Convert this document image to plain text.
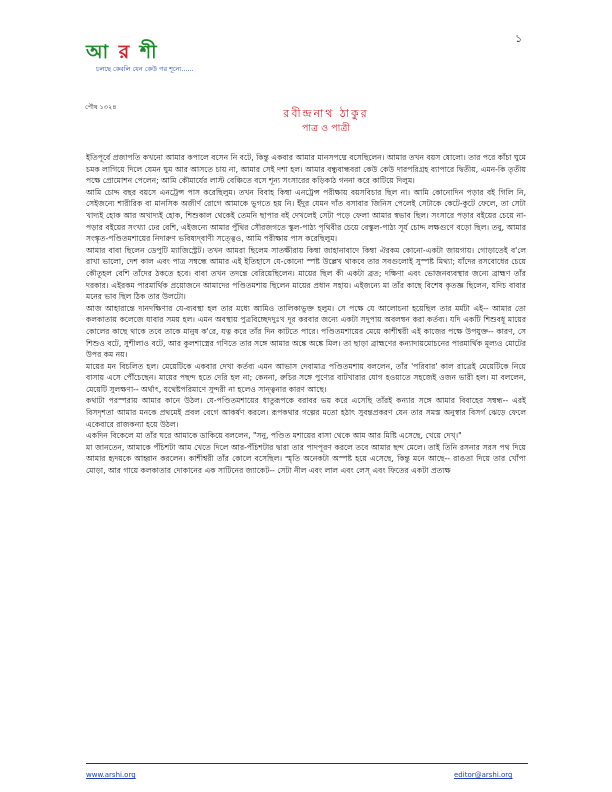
আ র শী
চলছে কেবলি যেন কেউ গর শূন্যে......
১
পৌষ ১৩২৪	রবীন্দ্রনাথ ঠাকুর
পাত্র ও পাত্রী

ইতিপূর্বে প্রজাপতি কখনো আমার কপালে বসেন নি বটে, কিন্তু একবার আমার মানসপদ্মে বসেছিলেন। আমার তখন বয়স ষোলো। তার পরে কাঁচা ঘুমে চমক লাগিয়ে দিলে যেমন ঘুম আর আসতে চায় না, আমার সেই দশা হল। আমার বন্ধুবান্ধবরা কেউ কেউ দারপরিগ্রহ ব্যাপারে দ্বিতীয়, এমন-কি তৃতীয় পক্ষে প্রোমোশন পেলেন; আমি কৌমার্যের লাস্ট বেঞ্চিতে বসে শূন্য সংসারের কড়িকাঠ গননা করে কাটিয়ে দিলুম।

আমি চোদ্দ বছর বয়সে এনট্রেন্স পাস করেছিলুম। তখন বিবাহ কিম্বা এনট্রেন্স পরীক্ষায় বয়সবিচার ছিল না। আমি কোনোদিন পড়ার বই গিলি নি, সেইজন্যে শারীরিক বা মানসিক অজীর্ণ রোগে আমাকে ভুগতে হয় নি। ইঁদুর যেমন দাঁত বসাবার জিনিস পেলেই সেটাকে কেটে-কুটে ফেলে, তা সেটা খাদ্যই হোক আর অখাদ্যই হোক, শিশুকাল থেকেই তেমনি ছাপার বই দেখলেই সেটা পড়ে ফেলা আমার স্বভাব ছিল। সংসারে পড়ার বইয়ের চেয়ে না-পড়ার বইয়ের সংখ্যা ঢের বেশি, এইজন্যে আমার পুঁথির সৌরজগতে স্কুল-পাঠ্য পৃথিবীর চেয়ে বেস্কুল-পাঠ্য সূর্য চোদ্দ লক্ষগুণে বড়ো ছিল। তবু, আমার সংস্কৃত-পণ্ডিতমশায়ের নিদারুণ ভবিষ্যদ্‌বাণী সত্ত্বেও, আমি পরীক্ষায় পাস করেছিলুম।

আমার বাবা ছিলেন ডেপুটি ম্যাজিস্ট্রেট। তখন আমরা ছিলেম সাতক্ষীরায় কিম্বা জাহানাবাদে কিম্বা ঐরকম কোনো-একটা জায়গায়। গোড়াতেই ব'লে রাখা ভালো, দেশ কাল এবং পাত্র সম্বন্ধে আমার এই ইতিহাসে যে-কোনো স্পষ্ট উল্লেখ থাকবে তার সবগুলোই সুস্পষ্ট মিথ্যা; যাঁদের রসবোধের চেয়ে কৌতূহল বেশি তাঁদের ঠকতে হবে। বাবা তখন তদন্তে বেরিয়েছিলেন। মায়ের ছিল কী একটা ব্রত; দক্ষিণা এবং ভোজনব্যবস্থার জন্যে ব্রাহ্মণ তাঁর দরকার। এইরকম পারমার্থিক প্রয়োজনে আমাদের পণ্ডিতমশায় ছিলেন মায়ের প্রধান সহায়। এইজন্যে মা তাঁর কাছে বিশেষ কৃতজ্ঞ ছিলেন, যদিচ বাবার মনের ভাব ছিল ঠিক তার উলটো।

আজ আহারান্তে দানদক্ষিণার যে-ব্যবস্থা হল তার মধ্যে আমিও তালিকাভুক্ত হলুম। সে পক্ষে যে আলোচনা হয়েছিল তার মর্মটা এই-- আমার তো কলকাতায় কলেজে যাবার সময় হল। এমন অবস্থায় পুত্রবিচ্ছেদদুঃখ দূর করবার জন্যে একটা সদুপায় অবলম্বন করা কর্তব্য। যদি একটি শিশুবধূ মায়ের কোলের কাছে থাকে তবে তাকে মানুষ ক'রে, যত্ন করে তাঁর দিন কাটতে পারে। পণ্ডিতমশায়ের মেয়ে কাশীশ্বরী এই কাজের পক্ষে উপযুক্ত-- কারণ, সে শিশুও বটে, সুশীলাও বটে, আর কুলশাস্ত্রের গণিতে তার সঙ্গে আমার অঙ্কে অঙ্কে মিল। তা ছাড়া ব্রাহ্মণের কন্যাদায়মোচনের পারমার্থিক মূল্যও মোটের উপর কম নয়।

মায়ের মন বিচলিত হল। মেয়েটিকে একবার দেখা কর্তব্য এমন আভাস দেবামাত্র পণ্ডিতমশায় বললেন, তাঁর 'পরিবার' কাল রাত্রেই মেয়েটিকে নিয়ে বাসায় এসে পৌঁচেছেন। মায়ের পছন্দ হতে দেরি হল না; কেননা, রুচির সঙ্গে পুণ্যের বাটখারার যোগ হওয়াতে সহজেই ওজন ভারী হল। মা বললেন, মেয়েটি সুলক্ষণা-- অর্থাৎ, যথেষ্টপরিমাণে সুন্দরী না হলেও সান্ত্বনার কারণ আছে।

কথাটা পরস্পরায় আমার কানে উঠল। যে-পণ্ডিতমশায়ের ধাতুরূপকে বরাবর ভয় করে এসেছি তাঁরই কন্যার সঙ্গে আমার বিবাহের সম্বন্ধ-- এরই বিসদৃশতা আমার মনকে প্রথমেই প্রবল বেগে আকর্ষণ করলে। রূপকথার গল্পের মতো হঠাৎ সুবন্তপ্রকরণ যেন তার সমস্ত অনুস্বার বিসর্গ ঝেড়ে ফেলে একেবারে রাজকন্যা হয়ে উঠল।

একদিন বিকেলে মা তাঁর ঘরে আমাকে ডাকিয়ে বললেন, "সনু, পণ্ডিত মশায়ের বাসা থেকে আম আর মিষ্টি এসেছে, খেয়ে দেখ্‌।"

মা জানতেন, আমাকে পঁচিশটা আম খেতে দিলে আর-পঁচিশটার দ্বারা তার পাদপূরণ করলে তবে আমার ছন্দ মেলে। তাই তিনি রসনার সরস পথ দিয়ে আমার হৃদয়কে আহ্বান করলেন। কাশীশ্বরী তাঁর কোলে বসেছিল। স্মৃতি অনেকটা অস্পষ্ট হয়ে এসেছে, কিন্তু মনে আছে-- রাঙতা দিয়ে তার খোঁপা মোড়া, আর গায়ে কলকাতার দোকানের এক সাটিনের জ্যাকেট-- সেটা নীল এবং লাল এবং লেস্‌ এবং ফিতের একটা প্রত্যক্ষ

www.arshi.org	editor@arshi.org
